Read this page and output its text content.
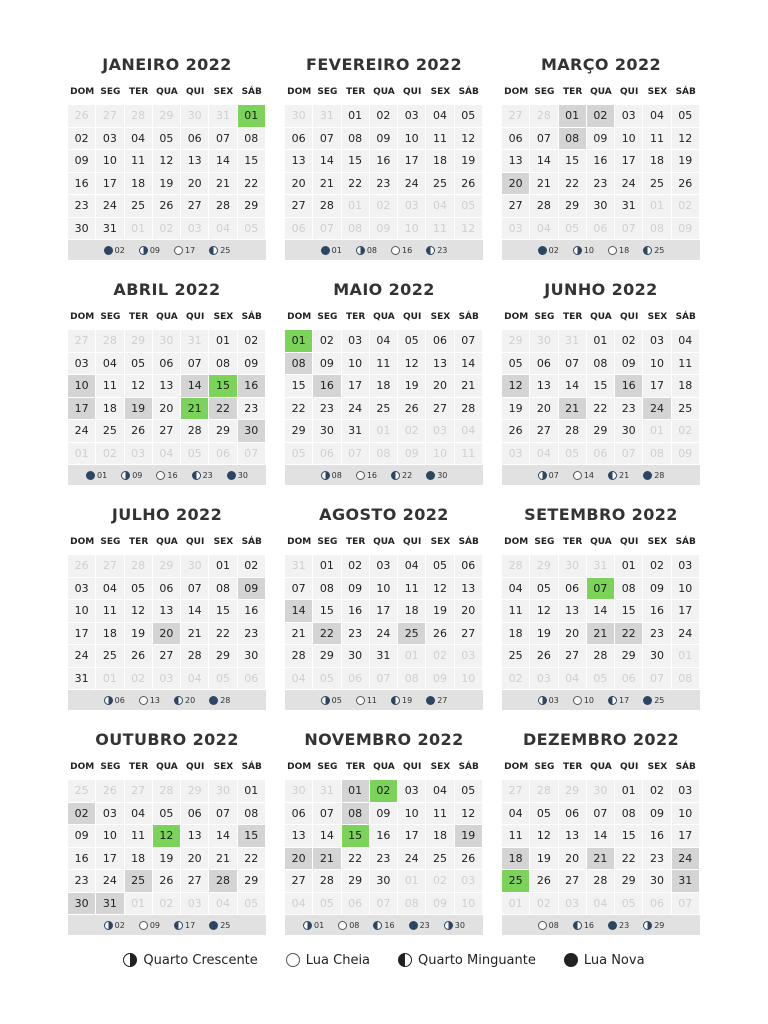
JANEIRO 2022
DOM SEG TER QUA QUI	SEX SÁB
26	27	28	29	30	31	01
02	03	04	05	06	07	08
09	10	11	12	13	14	15
16	17	18	19	20	21	22
23	24	25	26	27	28	29
30	31	01	02	03	04	05
02	09	17	25
FEVEREIRO 2022
DOM SEG TER QUA QUI	SEX SÁB
30	31	01	02	03	04	05
06	07	08	09	10	11	12
13	14	15	16	17	18	19
20	21	22	23	24	25	26
27	28	01	02	03	04	05
06	07	08	09	10	11	12
01	08	16	23
MARÇO 2022
DOM SEG TER QUA QUI	SEX SÁB
27	28	01	02	03	04	05
06	07	08	09	10	11	12
13	14	15	16	17	18	19
20	21	22	23	24	25	26
27	28	29	30	31	01	02
03	04	05	06	07	08	09
02	10	18	25
ABRIL 2022
DOM SEG TER QUA QUI	SEX SÁB
27	28	29	30	31	01	02
03	04	05	06	07	08	09
10	11	12	13	14	15	16
17	18	19	20	21	22	23
24	25	26	27	28	29	30
01	02	03	04	05	06	07
01	09	16	23	30
MAIO 2022
DOM SEG TER QUA QUI	SEX SÁB
01	02	03	04	05	06	07
08	09	10	11	12	13	14
15	16	17	18	19	20	21
22	23	24	25	26	27	28
29	30	31	01	02	03	04
05	06	07	08	09	10	11
08	16	22	30
JUNHO 2022
DOM SEG TER QUA QUI	SEX SÁB
29	30	31	01	02	03	04
05	06	07	08	09	10	11
12	13	14	15	16	17	18
19	20	21	22	23	24	25
26	27	28	29	30	01	02
03	04	05	06	07	08	09
07	14	21	28
JULHO 2022
DOM SEG TER QUA QUI	SEX SÁB
26	27	28	29	30	01	02
03	04	05	06	07	08	09
10	11	12	13	14	15	16
17	18	19	20	21	22	23
24	25	26	27	28	29	30
31	01	02	03	04	05	06
06	13	20	28
AGOSTO 2022
DOM SEG TER QUA QUI	SEX SÁB
31	01	02	03	04	05	06
07	08	09	10	11	12	13
14	15	16	17	18	19	20
21	22	23	24	25	26	27
28	29	30	31	01	02	03
04	05	06	07	08	09	10
05	11	19	27
SETEMBRO 2022
DOM SEG TER QUA QUI	SEX SÁB
28	29	30	31	01	02	03
04	05	06	07	08	09	10
11	12	13	14	15	16	17
18	19	20	21	22	23	24
25	26	27	28	29	30	01
02	03	04	05	06	07	08
03	10	17	25
OUTUBRO 2022
DOM SEG TER QUA QUI	SEX SÁB
25	26	27	28	29	30	01
02	03	04	05	06	07	08
09	10	11	12	13	14	15
16	17	18	19	20	21	22
23	24	25	26	27	28	29
30	31	01	02	03	04	05
02	09	17	25
NOVEMBRO 2022
DOM SEG TER QUA QUI	SEX SÁB
30	31	01	02	03	04	05
06	07	08	09	10	11	12
13	14	15	16	17	18	19
20	21	22	23	24	25	26
27	28	29	30	01	02	03
04	05	06	07	08	09	10
01	08	16	23	30
DEZEMBRO 2022
DOM SEG TER QUA QUI	SEX SÁB
27	28	29	30	01	02	03
04	05	06	07	08	09	10
11	12	13	14	15	16	17
18	19	20	21	22	23	24
25	26	27	28	29	30	31
01	02	03	04	05	06	07
08	16	23	29
Quarto Crescente	Lua Cheia	Quarto Minguante	Lua Nova
